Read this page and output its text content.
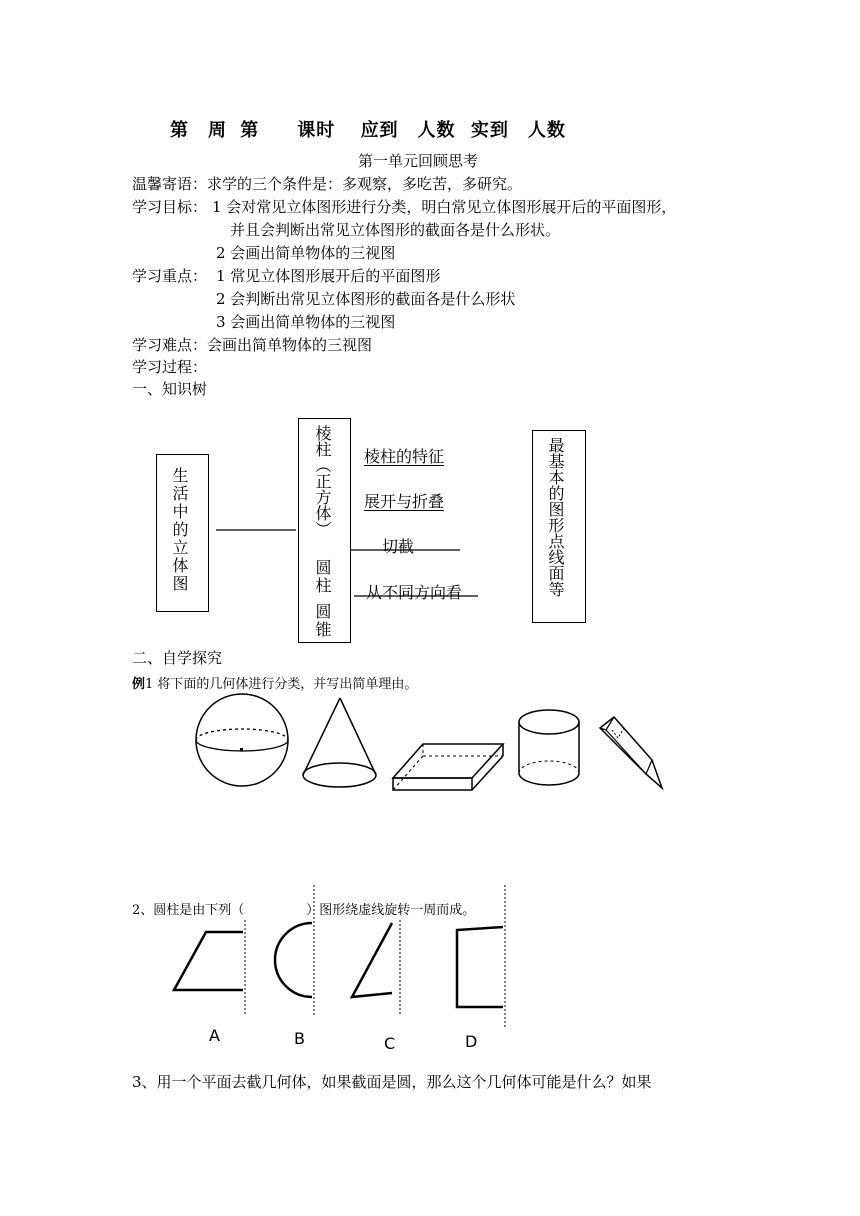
第　周 第　　课时 应到　人数 实到　人数
第一单元回顾思考
温馨寄语：求学的三个条件是：多观察，多吃苦，多研究。
学习目标： 1 会对常见立体图形进行分类，明白常见立体图形展开后的平面图形，
并且会判断出常见立体图形的截面各是什么形状。
2 会画出简单物体的三视图
学习重点： 1 常见立体图形展开后的平面图形
2 会判断出常见立体图形的截面各是什么形状
3 会画出简单物体的三视图
学习难点：会画出简单物体的三视图
学习过程：
一、知识树
生活中的立体图	棱柱（正方体）
圆柱
圆锥
棱柱的特征
展开与折叠
切截
从不同方向看	最基本的图形点线面等
二、自学探究
例1 将下面的几何体进行分类，并写出简单理由。
2、圆柱是由下列（	）图形绕虚线旋转一周而成。
A	B	C	D
3、用一个平面去截几何体，如果截面是圆，那么这个几何体可能是什么？如果
